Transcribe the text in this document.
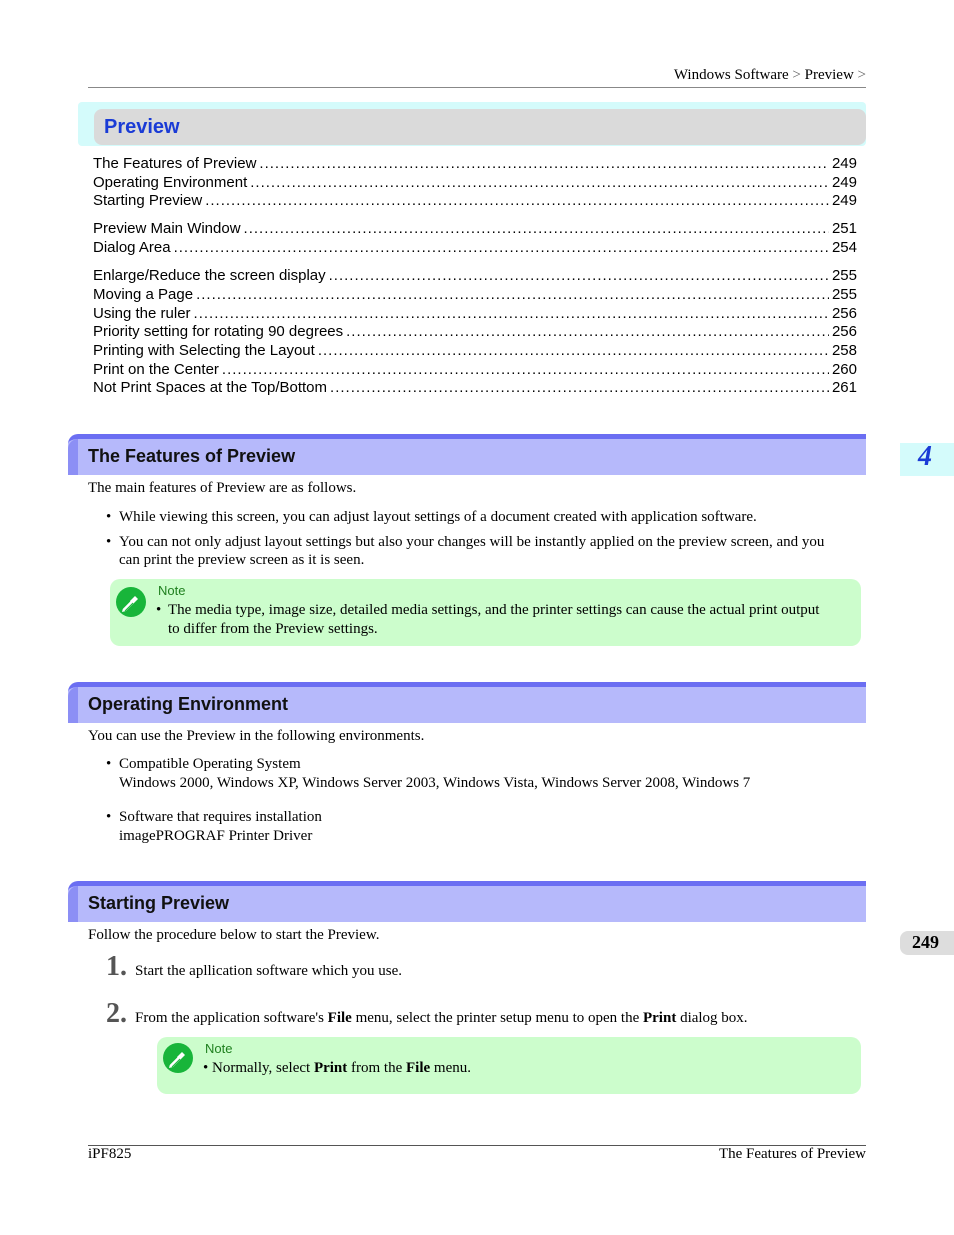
Windows Software > Preview >
Preview
The Features of Preview .....	249
Operating Environment .....	249
Starting Preview .....	249
Preview Main Window .....	251
Dialog Area .....	254
Enlarge/Reduce the screen display .....	255
Moving a Page .....	255
Using the ruler .....	256
Priority setting for rotating 90 degrees .....	256
Printing with Selecting the Layout .....	258
Print on the Center .....	260
Not Print Spaces at the Top/Bottom .....	261
4
249
The Features of Preview
The main features of Preview are as follows.
• While viewing this screen, you can adjust layout settings of a document created with application software.
• You can not only adjust layout settings but also your changes will be instantly applied on the preview screen, and you
can print the preview screen as it is seen.
Note
• The media type, image size, detailed media settings, and the printer settings can cause the actual print output
to differ from the Preview settings.
Operating Environment
You can use the Preview in the following environments.
• Compatible Operating System
Windows 2000, Windows XP, Windows Server 2003, Windows Vista, Windows Server 2008, Windows 7
• Software that requires installation
imagePROGRAF Printer Driver
Starting Preview
Follow the procedure below to start the Preview.
1. Start the apllication software which you use.
2. From the application software's File menu, select the printer setup menu to open the Print dialog box.
Note
• Normally, select Print from the File menu.
iPF825	The Features of Preview
